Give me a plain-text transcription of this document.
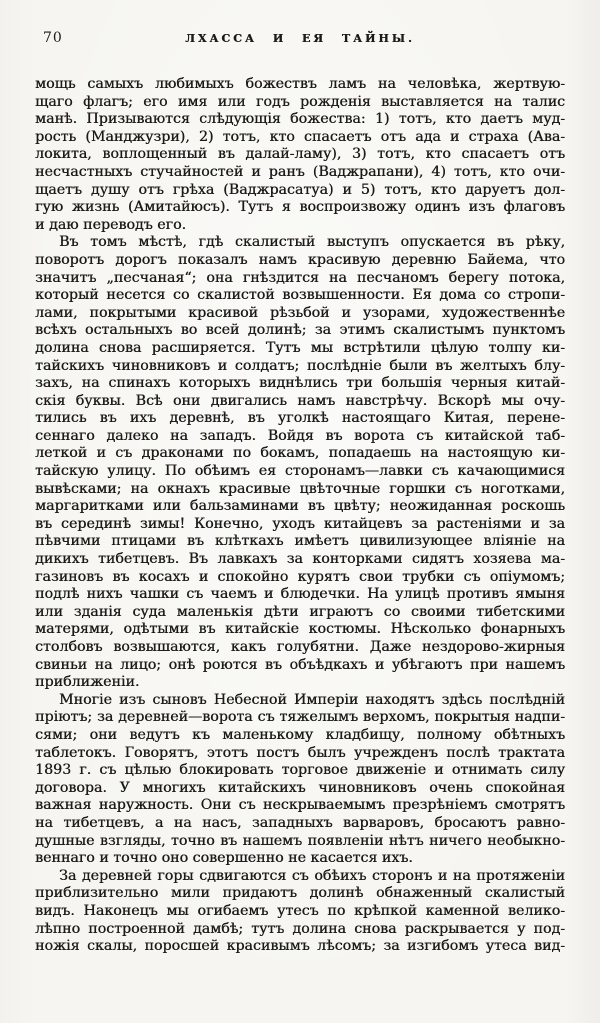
70	ЛХАССА И ЕЯ ТАЙНЫ.
мощь самыхъ любимыхъ божествъ ламъ на человѣка, жертвую-
щаго флагъ; его имя или годъ рожденія выставляется на талис
манѣ. Призываются слѣдующія божества: 1) тотъ, кто даетъ муд-
рость (Манджузри), 2) тотъ, кто спасаетъ отъ ада и страха (Ава-
локита, воплощенный въ далай-ламу), 3) тотъ, кто спасаетъ отъ
несчастныхъ стучайностей и ранъ (Ваджрапани), 4) тотъ, кто очи-
щаетъ душу отъ грѣха (Ваджрасатуа) и 5) тотъ, кто даруетъ дол-
гую жизнь (Амитайюсъ). Тутъ я воспроизвожу одинъ изъ флаговъ
и даю переводъ его.
Въ томъ мѣстѣ, гдѣ скалистый выступъ опускается въ рѣку,
поворотъ дорогъ показалъ намъ красивую деревню Байема, что
значитъ „песчаная“; она гнѣздится на песчаномъ берегу потока,
который несется со скалистой возвышенности. Ея дома со стропи-
лами, покрытыми красивой рѣзьбой и узорами, художественнѣе
всѣхъ остальныхъ во всей долинѣ; за этимъ скалистымъ пунктомъ
долина снова расширяется. Тутъ мы встрѣтили цѣлую толпу ки-
тайскихъ чиновниковъ и солдатъ; послѣдніе были въ желтыхъ блу-
захъ, на спинахъ которыхъ виднѣлись три большія черныя китай-
скія буквы. Всѣ они двигались намъ навстрѣчу. Вскорѣ мы очу-
тились въ ихъ деревнѣ, въ уголкѣ настоящаго Китая, перене-
сеннаго далеко на западъ. Войдя въ ворота съ китайской таб-
леткой и съ драконами по бокамъ, попадаешь на настоящую ки-
тайскую улицу. По обѣимъ ея сторонамъ—лавки съ качающимися
вывѣсками; на окнахъ красивые цвѣточные горшки съ ноготками,
маргаритками или бальзаминами въ цвѣту; неожиданная роскошь
въ серединѣ зимы! Конечно, уходъ китайцевъ за растеніями и за
пѣвчими птицами въ клѣткахъ имѣетъ цивилизующее вліяніе на
дикихъ тибетцевъ. Въ лавкахъ за конторками сидятъ хозяева ма-
газиновъ въ косахъ и спокойно курятъ свои трубки съ опіумомъ;
подлѣ нихъ чашки съ чаемъ и блюдечки. На улицѣ противъ ямыня
или зданія суда маленькія дѣти играютъ со своими тибетскими
матерями, одѣтыми въ китайскіе костюмы. Нѣсколько фонарныхъ
столбовъ возвышаются, какъ голубятни. Даже нездорово-жирныя
свиньи на лицо; онѣ роются въ объѣдкахъ и убѣгаютъ при нашемъ
приближеніи.
Многіе изъ сыновъ Небесной Имперіи находятъ здѣсь послѣдній
пріютъ; за деревней—ворота съ тяжелымъ верхомъ, покрытыя надпи-
сями; они ведутъ къ маленькому кладбищу, полному обѣтныхъ
таблетокъ. Говорятъ, этотъ постъ былъ учрежденъ послѣ трактата
1893 г. съ цѣлью блокировать торговое движеніе и отнимать силу
договора. У многихъ китайскихъ чиновниковъ очень спокойная
важная наружность. Они съ нескрываемымъ презрѣніемъ смотрятъ
на тибетцевъ, а на насъ, западныхъ варваровъ, бросаютъ равно-
душные взгляды, точно въ нашемъ появленіи нѣтъ ничего необыкно-
веннаго и точно оно совершенно не касается ихъ.
За деревней горы сдвигаются съ обѣихъ сторонъ и на протяженіи
приблизительно мили придаютъ долинѣ обнаженный скалистый
видъ. Наконецъ мы огибаемъ утесъ по крѣпкой каменной велико-
лѣпно построенной дамбѣ; тутъ долина снова раскрывается у под-
ножія скалы, поросшей красивымъ лѣсомъ; за изгибомъ утеса вид-
